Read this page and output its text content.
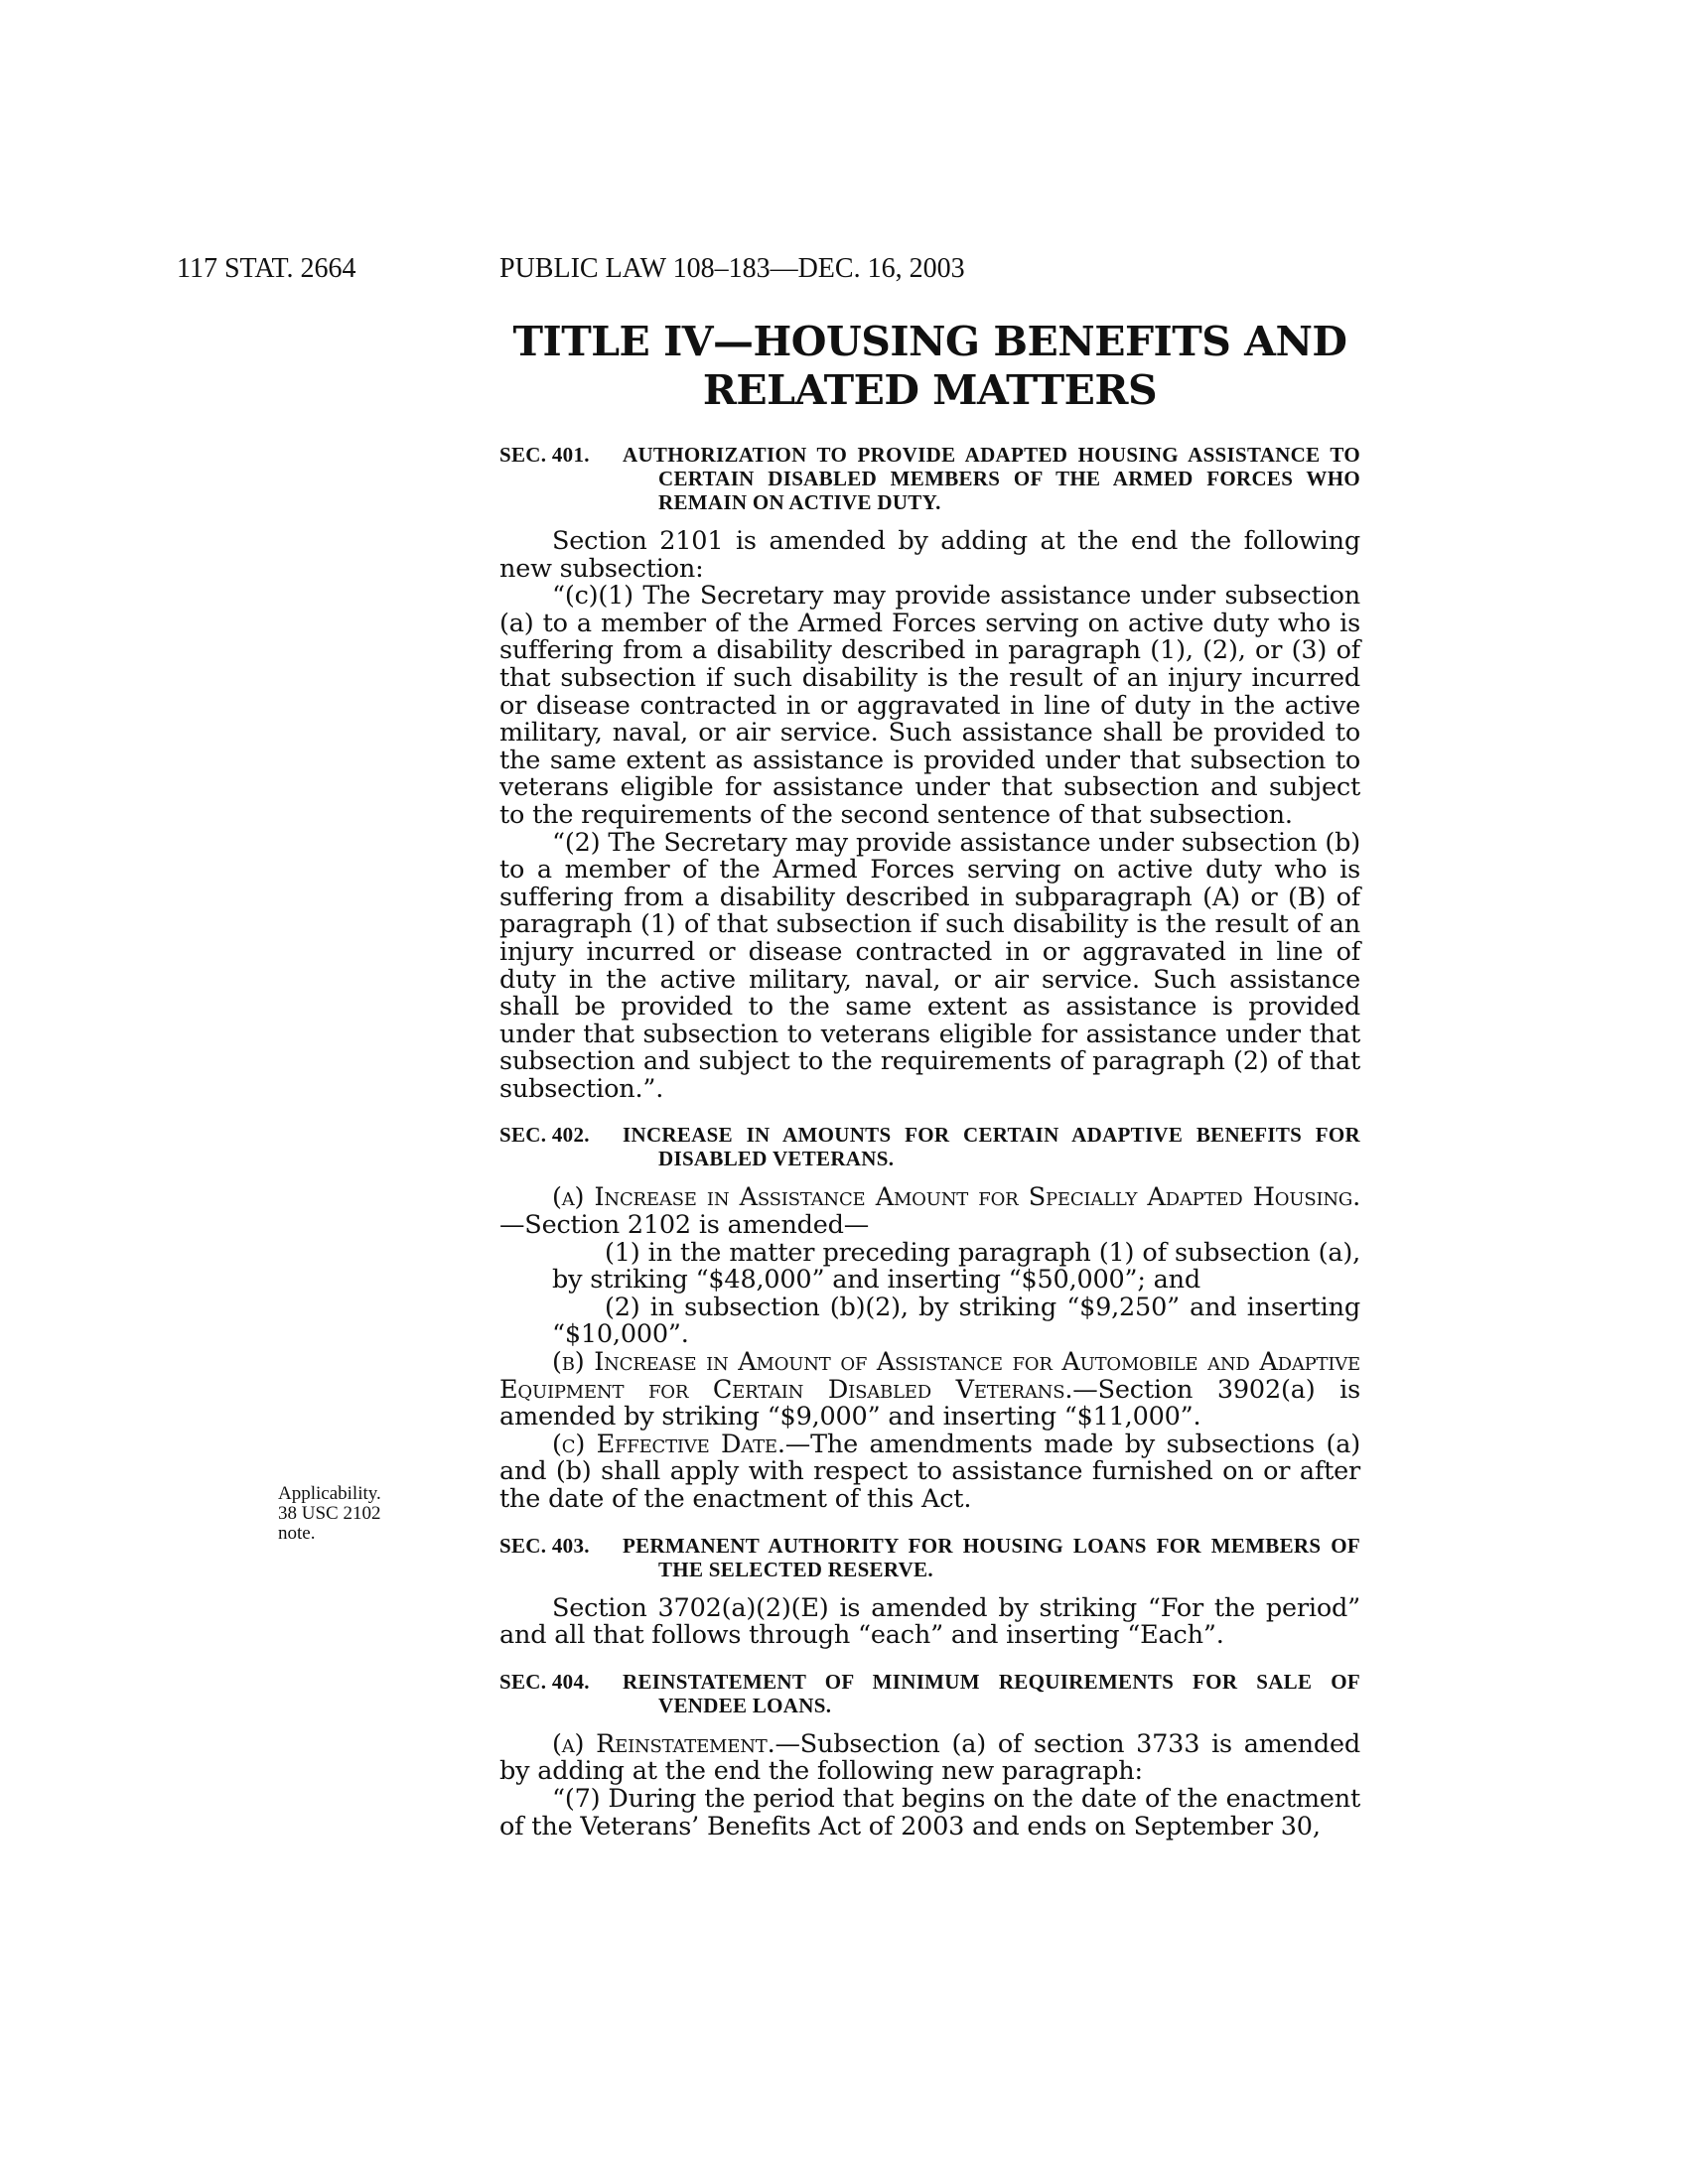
117 STAT. 2664	PUBLIC LAW 108–183—DEC. 16, 2003
TITLE IV—HOUSING BENEFITS AND
RELATED MATTERS
Applicability.
38 USC 2102
note.
SEC. 401. AUTHORIZATION TO PROVIDE ADAPTED HOUSING ASSISTANCE TO CERTAIN DISABLED MEMBERS OF THE ARMED FORCES WHO REMAIN ON ACTIVE DUTY.

Section 2101 is amended by adding at the end the following new subsection:

“(c)(1) The Secretary may provide assistance under subsection (a) to a member of the Armed Forces serving on active duty who is suffering from a disability described in paragraph (1), (2), or (3) of that subsection if such disability is the result of an injury incurred or disease contracted in or aggravated in line of duty in the active military, naval, or air service. Such assistance shall be provided to the same extent as assistance is provided under that subsection to veterans eligible for assistance under that subsection and subject to the requirements of the second sentence of that subsection.

“(2) The Secretary may provide assistance under subsection (b) to a member of the Armed Forces serving on active duty who is suffering from a disability described in subparagraph (A) or (B) of paragraph (1) of that subsection if such disability is the result of an injury incurred or disease contracted in or aggravated in line of duty in the active military, naval, or air service. Such assistance shall be provided to the same extent as assistance is provided under that subsection to veterans eligible for assistance under that subsection and subject to the requirements of paragraph (2) of that subsection.”.

SEC. 402. INCREASE IN AMOUNTS FOR CERTAIN ADAPTIVE BENEFITS FOR DISABLED VETERANS.

(a) Increase in Assistance Amount for Specially Adapted Housing.—Section 2102 is amended—

(1) in the matter preceding paragraph (1) of subsection (a), by striking “$48,000” and inserting “$50,000”; and

(2) in subsection (b)(2), by striking “$9,250” and inserting “$10,000”.

(b) Increase in Amount of Assistance for Automobile and Adaptive Equipment for Certain Disabled Veterans.—Section 3902(a) is amended by striking “$9,000” and inserting “$11,000”.

(c) Effective Date.—The amendments made by subsections (a) and (b) shall apply with respect to assistance furnished on or after the date of the enactment of this Act.

SEC. 403. PERMANENT AUTHORITY FOR HOUSING LOANS FOR MEMBERS OF THE SELECTED RESERVE.

Section 3702(a)(2)(E) is amended by striking “For the period” and all that follows through “each” and inserting “Each”.

SEC. 404. REINSTATEMENT OF MINIMUM REQUIREMENTS FOR SALE OF VENDEE LOANS.

(a) Reinstatement.—Subsection (a) of section 3733 is amended by adding at the end the following new paragraph:

“(7) During the period that begins on the date of the enactment of the Veterans’ Benefits Act of 2003 and ends on September 30,
